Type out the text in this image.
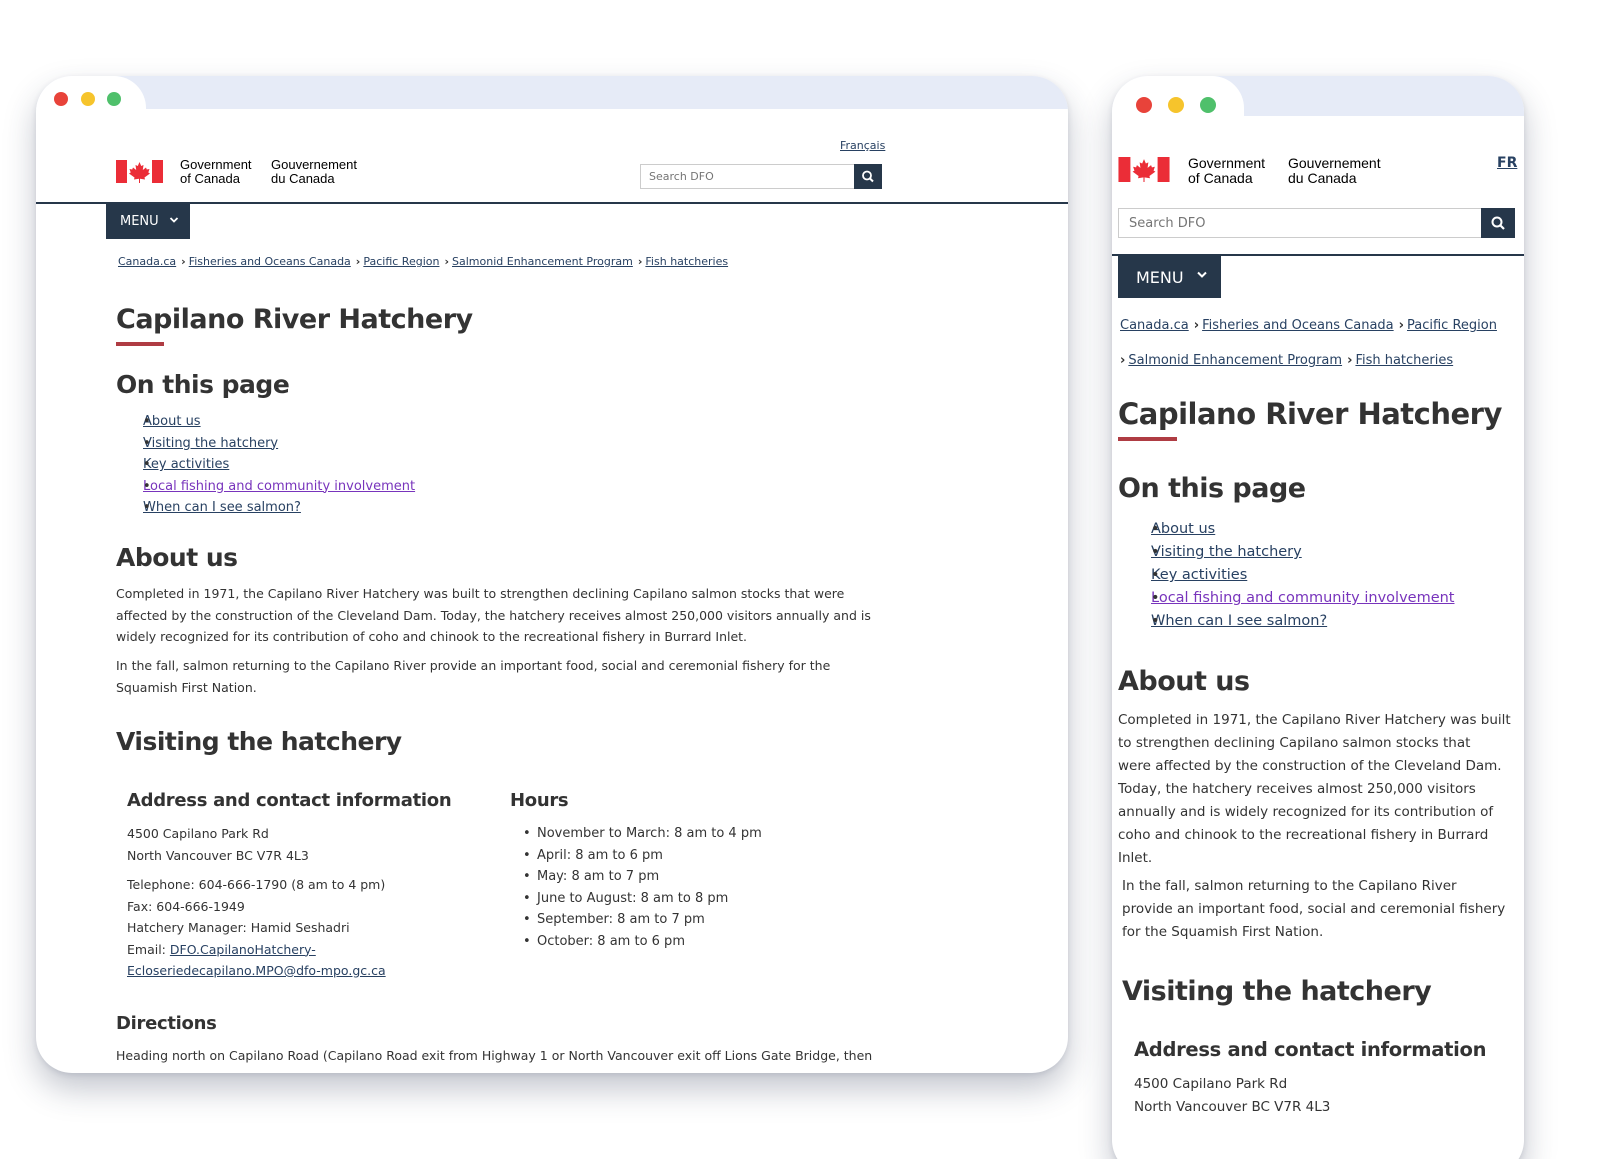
Français
Government
of Canada
Gouvernement
du Canada
Search DFO
MENU
Canada.ca › Fisheries and Oceans Canada › Pacific Region › Salmonid Enhancement Program › Fish hatcheries
Capilano River Hatchery
On this page
• About us
• Visiting the hatchery
• Key activities
• Local fishing and community involvement
• When can I see salmon?
About us
Completed in 1971, the Capilano River Hatchery was built to strengthen declining Capilano salmon stocks that were
affected by the construction of the Cleveland Dam. Today, the hatchery receives almost 250,000 visitors annually and is
widely recognized for its contribution of coho and chinook to the recreational fishery in Burrard Inlet.
In the fall, salmon returning to the Capilano River provide an important food, social and ceremonial fishery for the
Squamish First Nation.
Visiting the hatchery
Address and contact information
4500 Capilano Park Rd
North Vancouver BC V7R 4L3
Telephone: 604-666-1790 (8 am to 4 pm)
Fax: 604-666-1949
Hatchery Manager: Hamid Seshadri
Email: DFO.CapilanoHatchery-
Ecloseriedecapilano.MPO@dfo-mpo.gc.ca
Hours
• November to March: 8 am to 4 pm
• April: 8 am to 6 pm
• May: 8 am to 7 pm
• June to August: 8 am to 8 pm
• September: 8 am to 7 pm
• October: 8 am to 6 pm
Directions
Heading north on Capilano Road (Capilano Road exit from Highway 1 or North Vancouver exit off Lions Gate Bridge, then
FR
Government
of Canada
Gouvernement
du Canada
Search DFO
MENU
Canada.ca › Fisheries and Oceans Canada › Pacific Region
› Salmonid Enhancement Program › Fish hatcheries
Capilano River Hatchery
On this page
• About us
• Visiting the hatchery
• Key activities
• Local fishing and community involvement
• When can I see salmon?
About us
Completed in 1971, the Capilano River Hatchery was built
to strengthen declining Capilano salmon stocks that
were affected by the construction of the Cleveland Dam.
Today, the hatchery receives almost 250,000 visitors
annually and is widely recognized for its contribution of
coho and chinook to the recreational fishery in Burrard
Inlet.
In the fall, salmon returning to the Capilano River
provide an important food, social and ceremonial fishery
for the Squamish First Nation.
Visiting the hatchery
Address and contact information
4500 Capilano Park Rd
North Vancouver BC V7R 4L3
